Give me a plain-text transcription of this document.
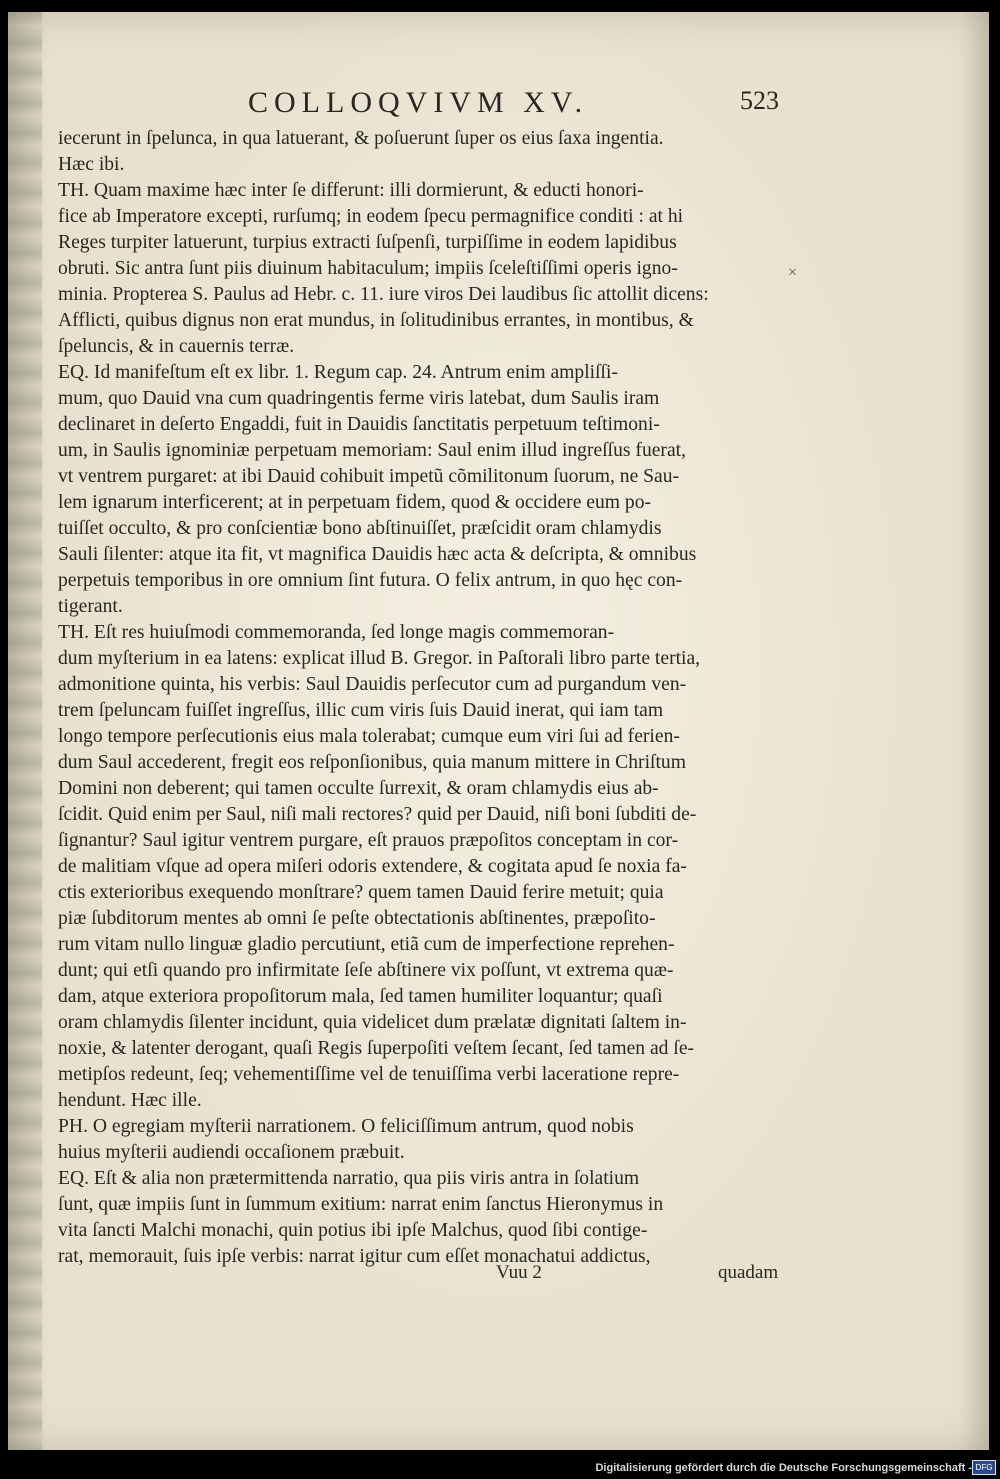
COLLOQVIVM XV.	523
×
iecerunt in ſpelunca, in qua latuerant, & poſuerunt ſuper os eius ſaxa ingentia.
Hæc ibi.
TH. Quam maxime hæc inter ſe differunt: illi dormierunt, & educti honori-
fice ab Imperatore excepti, rurſumq; in eodem ſpecu permagnifice conditi : at hi
Reges turpiter latuerunt, turpius extracti ſuſpenſi, turpiſſime in eodem lapidibus
obruti. Sic antra ſunt piis diuinum habitaculum; impiis ſceleſtiſſimi operis igno-
minia. Propterea S. Paulus ad Hebr. c. 11. iure viros Dei laudibus ſic attollit dicens:
Afflicti, quibus dignus non erat mundus, in ſolitudinibus errantes, in montibus, &
ſpeluncis, & in cauernis terræ.
EQ. Id manifeſtum eſt ex libr. 1. Regum cap. 24. Antrum enim ampliſſi-
mum, quo Dauid vna cum quadringentis ferme viris latebat, dum Saulis iram
declinaret in deſerto Engaddi, fuit in Dauidis ſanctitatis perpetuum teſtimoni-
um, in Saulis ignominiæ perpetuam memoriam: Saul enim illud ingreſſus fuerat,
vt ventrem purgaret: at ibi Dauid cohibuit impetũ cõmilitonum ſuorum, ne Sau-
lem ignarum interficerent; at in perpetuam fidem, quod & occidere eum po-
tuiſſet occulto, & pro conſcientiæ bono abſtinuiſſet, præſcidit oram chlamydis
Sauli ſilenter: atque ita fit, vt magnifica Dauidis hæc acta & deſcripta, & omnibus
perpetuis temporibus in ore omnium ſint futura. O felix antrum, in quo hęc con-
tigerant.
TH. Eſt res huiuſmodi commemoranda, ſed longe magis commemoran-
dum myſterium in ea latens: explicat illud B. Gregor. in Paſtorali libro parte tertia,
admonitione quinta, his verbis: Saul Dauidis perſecutor cum ad purgandum ven-
trem ſpeluncam fuiſſet ingreſſus, illic cum viris ſuis Dauid inerat, qui iam tam
longo tempore perſecutionis eius mala tolerabat; cumque eum viri ſui ad ferien-
dum Saul accederent, fregit eos reſponſionibus, quia manum mittere in Chriſtum
Domini non deberent; qui tamen occulte ſurrexit, & oram chlamydis eius ab-
ſcidit. Quid enim per Saul, niſi mali rectores? quid per Dauid, niſi boni ſubditi de-
ſignantur? Saul igitur ventrem purgare, eſt prauos præpoſitos conceptam in cor-
de malitiam vſque ad opera miſeri odoris extendere, & cogitata apud ſe noxia fa-
ctis exterioribus exequendo monſtrare? quem tamen Dauid ferire metuit; quia
piæ ſubditorum mentes ab omni ſe peſte obtectationis abſtinentes, præpoſito-
rum vitam nullo linguæ gladio percutiunt, etiã cum de imperfectione reprehen-
dunt; qui etſi quando pro infirmitate ſeſe abſtinere vix poſſunt, vt extrema quæ-
dam, atque exteriora propoſitorum mala, ſed tamen humiliter loquantur; quaſi
oram chlamydis ſilenter incidunt, quia videlicet dum prælatæ dignitati ſaltem in-
noxie, & latenter derogant, quaſi Regis ſuperpoſiti veſtem ſecant, ſed tamen ad ſe-
metipſos redeunt, ſeq; vehementiſſime vel de tenuiſſima verbi laceratione repre-
hendunt. Hæc ille.
PH. O egregiam myſterii narrationem. O feliciſſimum antrum, quod nobis
huius myſterii audiendi occaſionem præbuit.
EQ. Eſt & alia non prætermittenda narratio, qua piis viris antra in ſolatium
ſunt, quæ impiis ſunt in ſummum exitium: narrat enim ſanctus Hieronymus in
vita ſancti Malchi monachi, quin potius ibi ipſe Malchus, quod ſibi contige-
rat, memorauit, ſuis ipſe verbis: narrat igitur cum eſſet monachatui addictus,
Vuu 2	quadam
Digitalisierung gefördert durch die Deutsche Forschungsgemeinschaft - DFG
